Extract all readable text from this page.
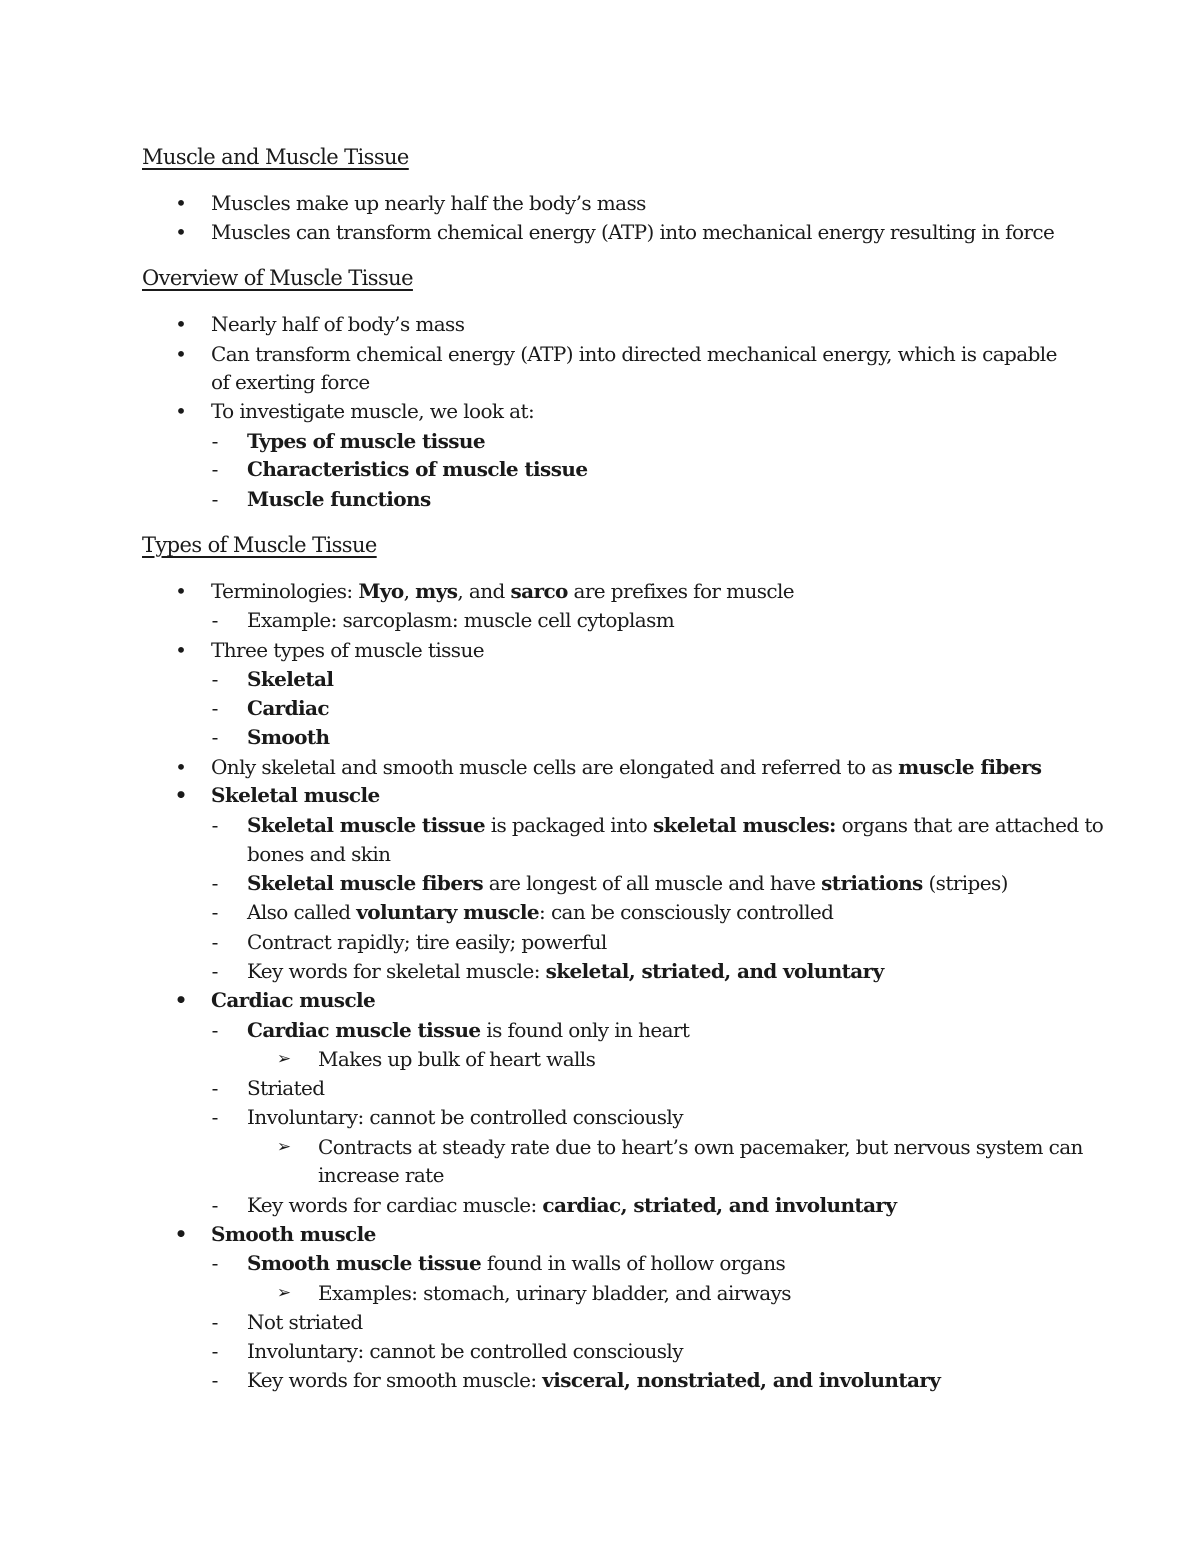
Muscle and Muscle Tissue
• Muscles make up nearly half the body’s mass
• Muscles can transform chemical energy (ATP) into mechanical energy resulting in force
Overview of Muscle Tissue
• Nearly half of body’s mass
• Can transform chemical energy (ATP) into directed mechanical energy, which is capable
of exerting force
• To investigate muscle, we look at:
-	Types of muscle tissue
-	Characteristics of muscle tissue
-	Muscle functions
Types of Muscle Tissue
• Terminologies: Myo, mys, and sarco are prefixes for muscle
-	Example: sarcoplasm: muscle cell cytoplasm
• Three types of muscle tissue
-	Skeletal
-	Cardiac
-	Smooth
• Only skeletal and smooth muscle cells are elongated and referred to as muscle fibers
• Skeletal muscle
-	Skeletal muscle tissue is packaged into skeletal muscles: organs that are attached to
bones and skin
-	Skeletal muscle fibers are longest of all muscle and have striations (stripes)
-	Also called voluntary muscle: can be consciously controlled
-	Contract rapidly; tire easily; powerful
-	Key words for skeletal muscle: skeletal, striated, and voluntary
• Cardiac muscle
-	Cardiac muscle tissue is found only in heart
➢ Makes up bulk of heart walls
-	Striated
-	Involuntary: cannot be controlled consciously
➢ Contracts at steady rate due to heart’s own pacemaker, but nervous system can
increase rate
-	Key words for cardiac muscle: cardiac, striated, and involuntary
• Smooth muscle
-	Smooth muscle tissue found in walls of hollow organs
➢ Examples: stomach, urinary bladder, and airways
-	Not striated
-	Involuntary: cannot be controlled consciously
-	Key words for smooth muscle: visceral, nonstriated, and involuntary
